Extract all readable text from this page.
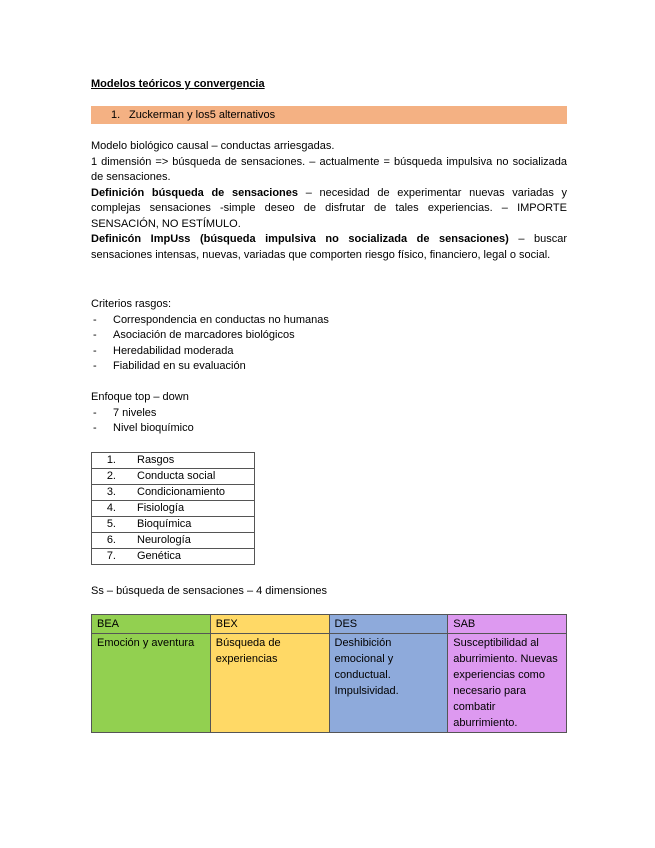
Modelos teóricos y convergencia
1. Zuckerman y los5 alternativos

Modelo biológico causal – conductas arriesgadas.

1 dimensión => búsqueda de sensaciones. – actualmente = búsqueda impulsiva no socializada de sensaciones.

Definición búsqueda de sensaciones – necesidad de experimentar nuevas variadas y complejas sensaciones -simple deseo de disfrutar de tales experiencias. – IMPORTE SENSACIÓN, NO ESTÍMULO.

Definicón ImpUss (búsqueda impulsiva no socializada de sensaciones) – buscar sensaciones intensas, nuevas, variadas que comporten riesgo físico, financiero, legal o social.

Criterios rasgos:

- Correspondencia en conductas no humanas
- Asociación de marcadores biológicos
- Heredabilidad moderada
- Fiabilidad en su evaluación

Enfoque top – down

- 7 niveles
- Nivel bioquímico
1. Rasgos
2. Conducta social
3. Condicionamiento
4. Fisiología
5. Bioquímica
6. Neurología
7. Genética
Ss – búsqueda de sensaciones – 4 dimensiones
BEA	BEX	DES	SAB
Emoción y aventura	Búsqueda de experiencias	Deshibición emocional y conductual. Impulsividad.	Susceptibilidad al aburrimiento. Nuevas experiencias como necesario para combatir aburrimiento.
